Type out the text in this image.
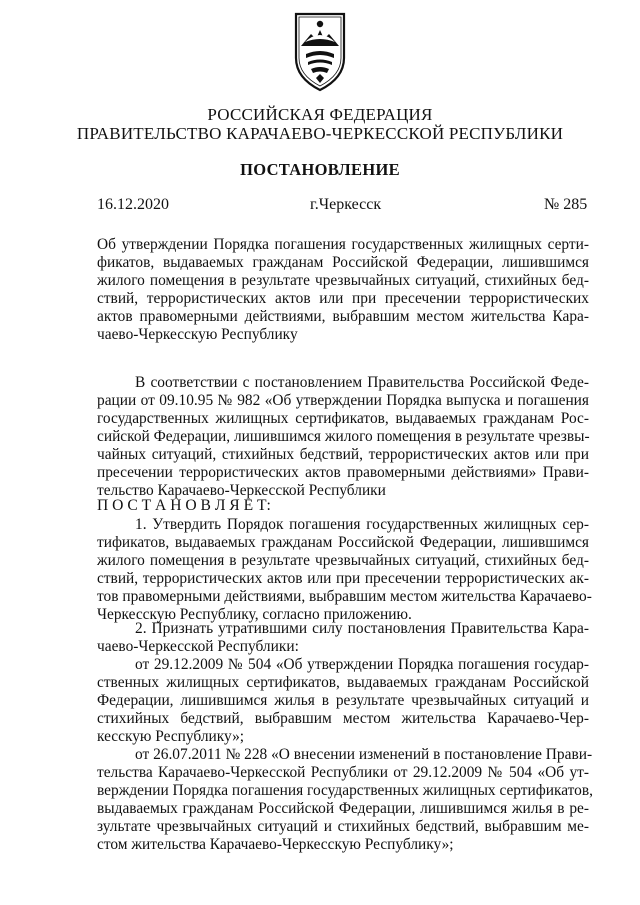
РОССИЙСКАЯ ФЕДЕРАЦИЯ
ПРАВИТЕЛЬСТВО КАРАЧАЕВО-ЧЕРКЕССКОЙ РЕСПУБЛИКИ
ПОСТАНОВЛЕНИЕ
16.12.2020	г.Черкесск	№ 285
Об утверждении Порядка погашения государственных жилищных серти-
фикатов, выдаваемых гражданам Российской Федерации, лишившимся
жилого помещения в результате чрезвычайных ситуаций, стихийных бед-
ствий, террористических актов или при пресечении террористических
актов правомерными действиями, выбравшим местом жительства Кара-
чаево-Черкесскую Республику
В соответствии с постановлением Правительства Российской Феде-
рации от 09.10.95 № 982 «Об утверждении Порядка выпуска и погашения
государственных жилищных сертификатов, выдаваемых гражданам Рос-
сийской Федерации, лишившимся жилого помещения в результате чрезвы-
чайных ситуаций, стихийных бедствий, террористических актов или при
пресечении террористических актов правомерными действиями» Прави-
тельство Карачаево-Черкесской Республики
П О С Т А Н О В Л Я Е Т:
1. Утвердить Порядок погашения государственных жилищных сер-
тификатов, выдаваемых гражданам Российской Федерации, лишившимся
жилого помещения в результате чрезвычайных ситуаций, стихийных бед-
ствий, террористических актов или при пресечении террористических ак-
тов правомерными действиями, выбравшим местом жительства Карачаево-
Черкесскую Республику, согласно приложению.
2. Признать утратившими силу постановления Правительства Кара-
чаево-Черкесской Республики:
от 29.12.2009 № 504 «Об утверждении Порядка погашения государ-
ственных жилищных сертификатов, выдаваемых гражданам Российской
Федерации, лишившимся жилья в результате чрезвычайных ситуаций и
стихийных бедствий, выбравшим местом жительства Карачаево-Чер-
кесскую Республику»;
от 26.07.2011 № 228 «О внесении изменений в постановление Прави-
тельства Карачаево-Черкесской Республики от 29.12.2009 № 504 «Об ут-
верждении Порядка погашения государственных жилищных сертификатов,
выдаваемых гражданам Российской Федерации, лишившимся жилья в ре-
зультате чрезвычайных ситуаций и стихийных бедствий, выбравшим ме-
стом жительства Карачаево-Черкесскую Республику»;
